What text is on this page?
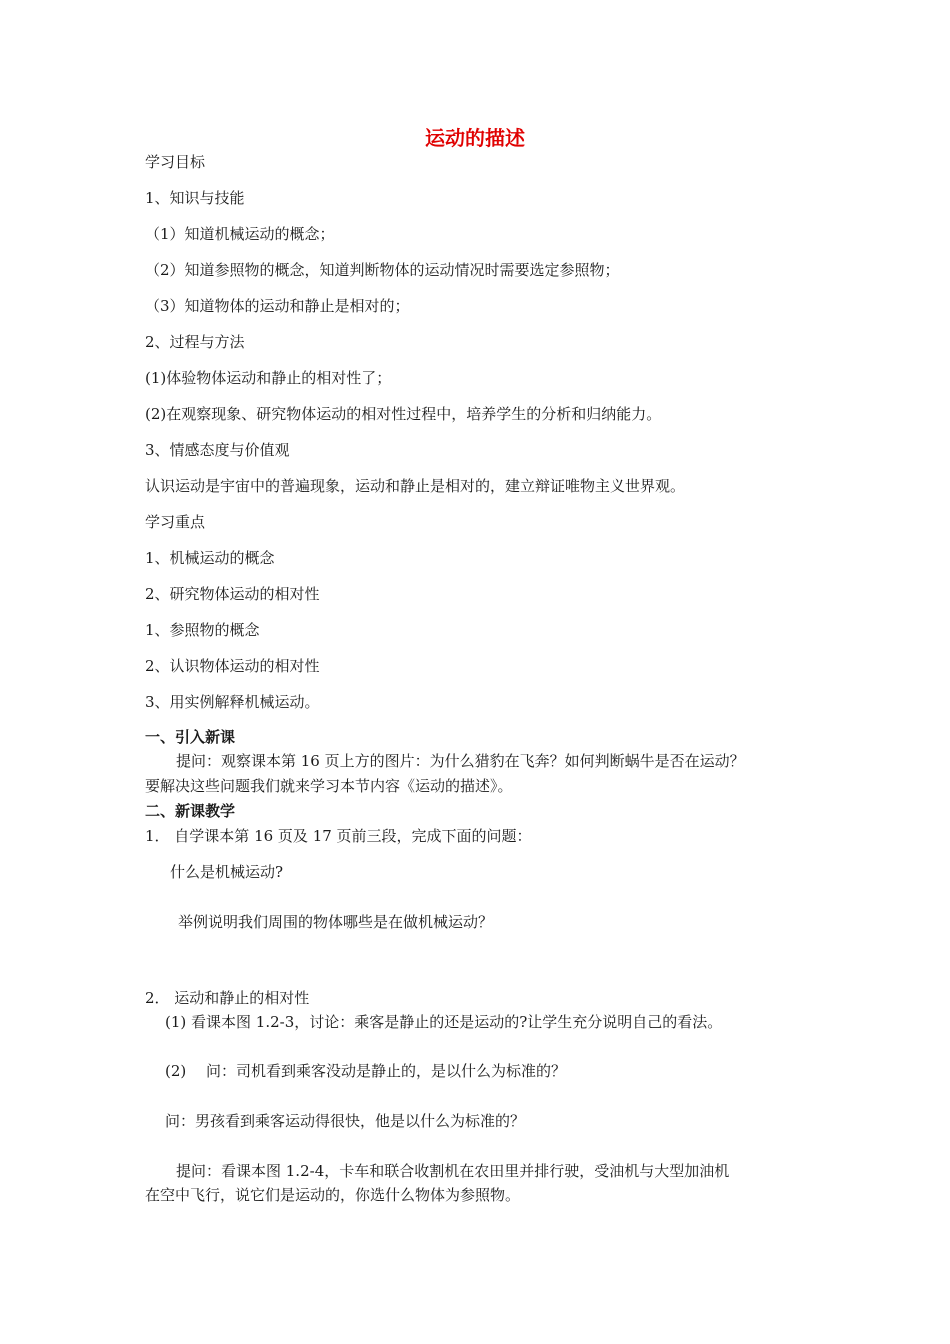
运动的描述
学习目标
1、知识与技能
（1）知道机械运动的概念；
（2）知道参照物的概念，知道判断物体的运动情况时需要选定参照物；
（3）知道物体的运动和静止是相对的；
2、过程与方法
(1)体验物体运动和静止的相对性了；
(2)在观察现象、研究物体运动的相对性过程中，培养学生的分析和归纳能力。
3、情感态度与价值观
认识运动是宇宙中的普遍现象，运动和静止是相对的，建立辩证唯物主义世界观。
学习重点
1、机械运动的概念
2、研究物体运动的相对性
1、参照物的概念
2、认识物体运动的相对性
3、用实例解释机械运动。
一、引入新课
提问：观察课本第 16 页上方的图片：为什么猎豹在飞奔？如何判断蜗牛是否在运动？
要解决这些问题我们就来学习本节内容《运动的描述》。
二、新课教学
1． 自学课本第 16 页及 17 页前三段，完成下面的问题：
什么是机械运动?
举例说明我们周围的物体哪些是在做机械运动？
2． 运动和静止的相对性
(1) 看课本图 1.2-3，讨论：乘客是静止的还是运动的?让学生充分说明自己的看法。
(2)　 问：司机看到乘客没动是静止的，是以什么为标准的？
问：男孩看到乘客运动得很快，他是以什么为标准的？
提问：看课本图 1.2-4，卡车和联合收割机在农田里并排行驶，受油机与大型加油机
在空中飞行，说它们是运动的，你选什么物体为参照物。
